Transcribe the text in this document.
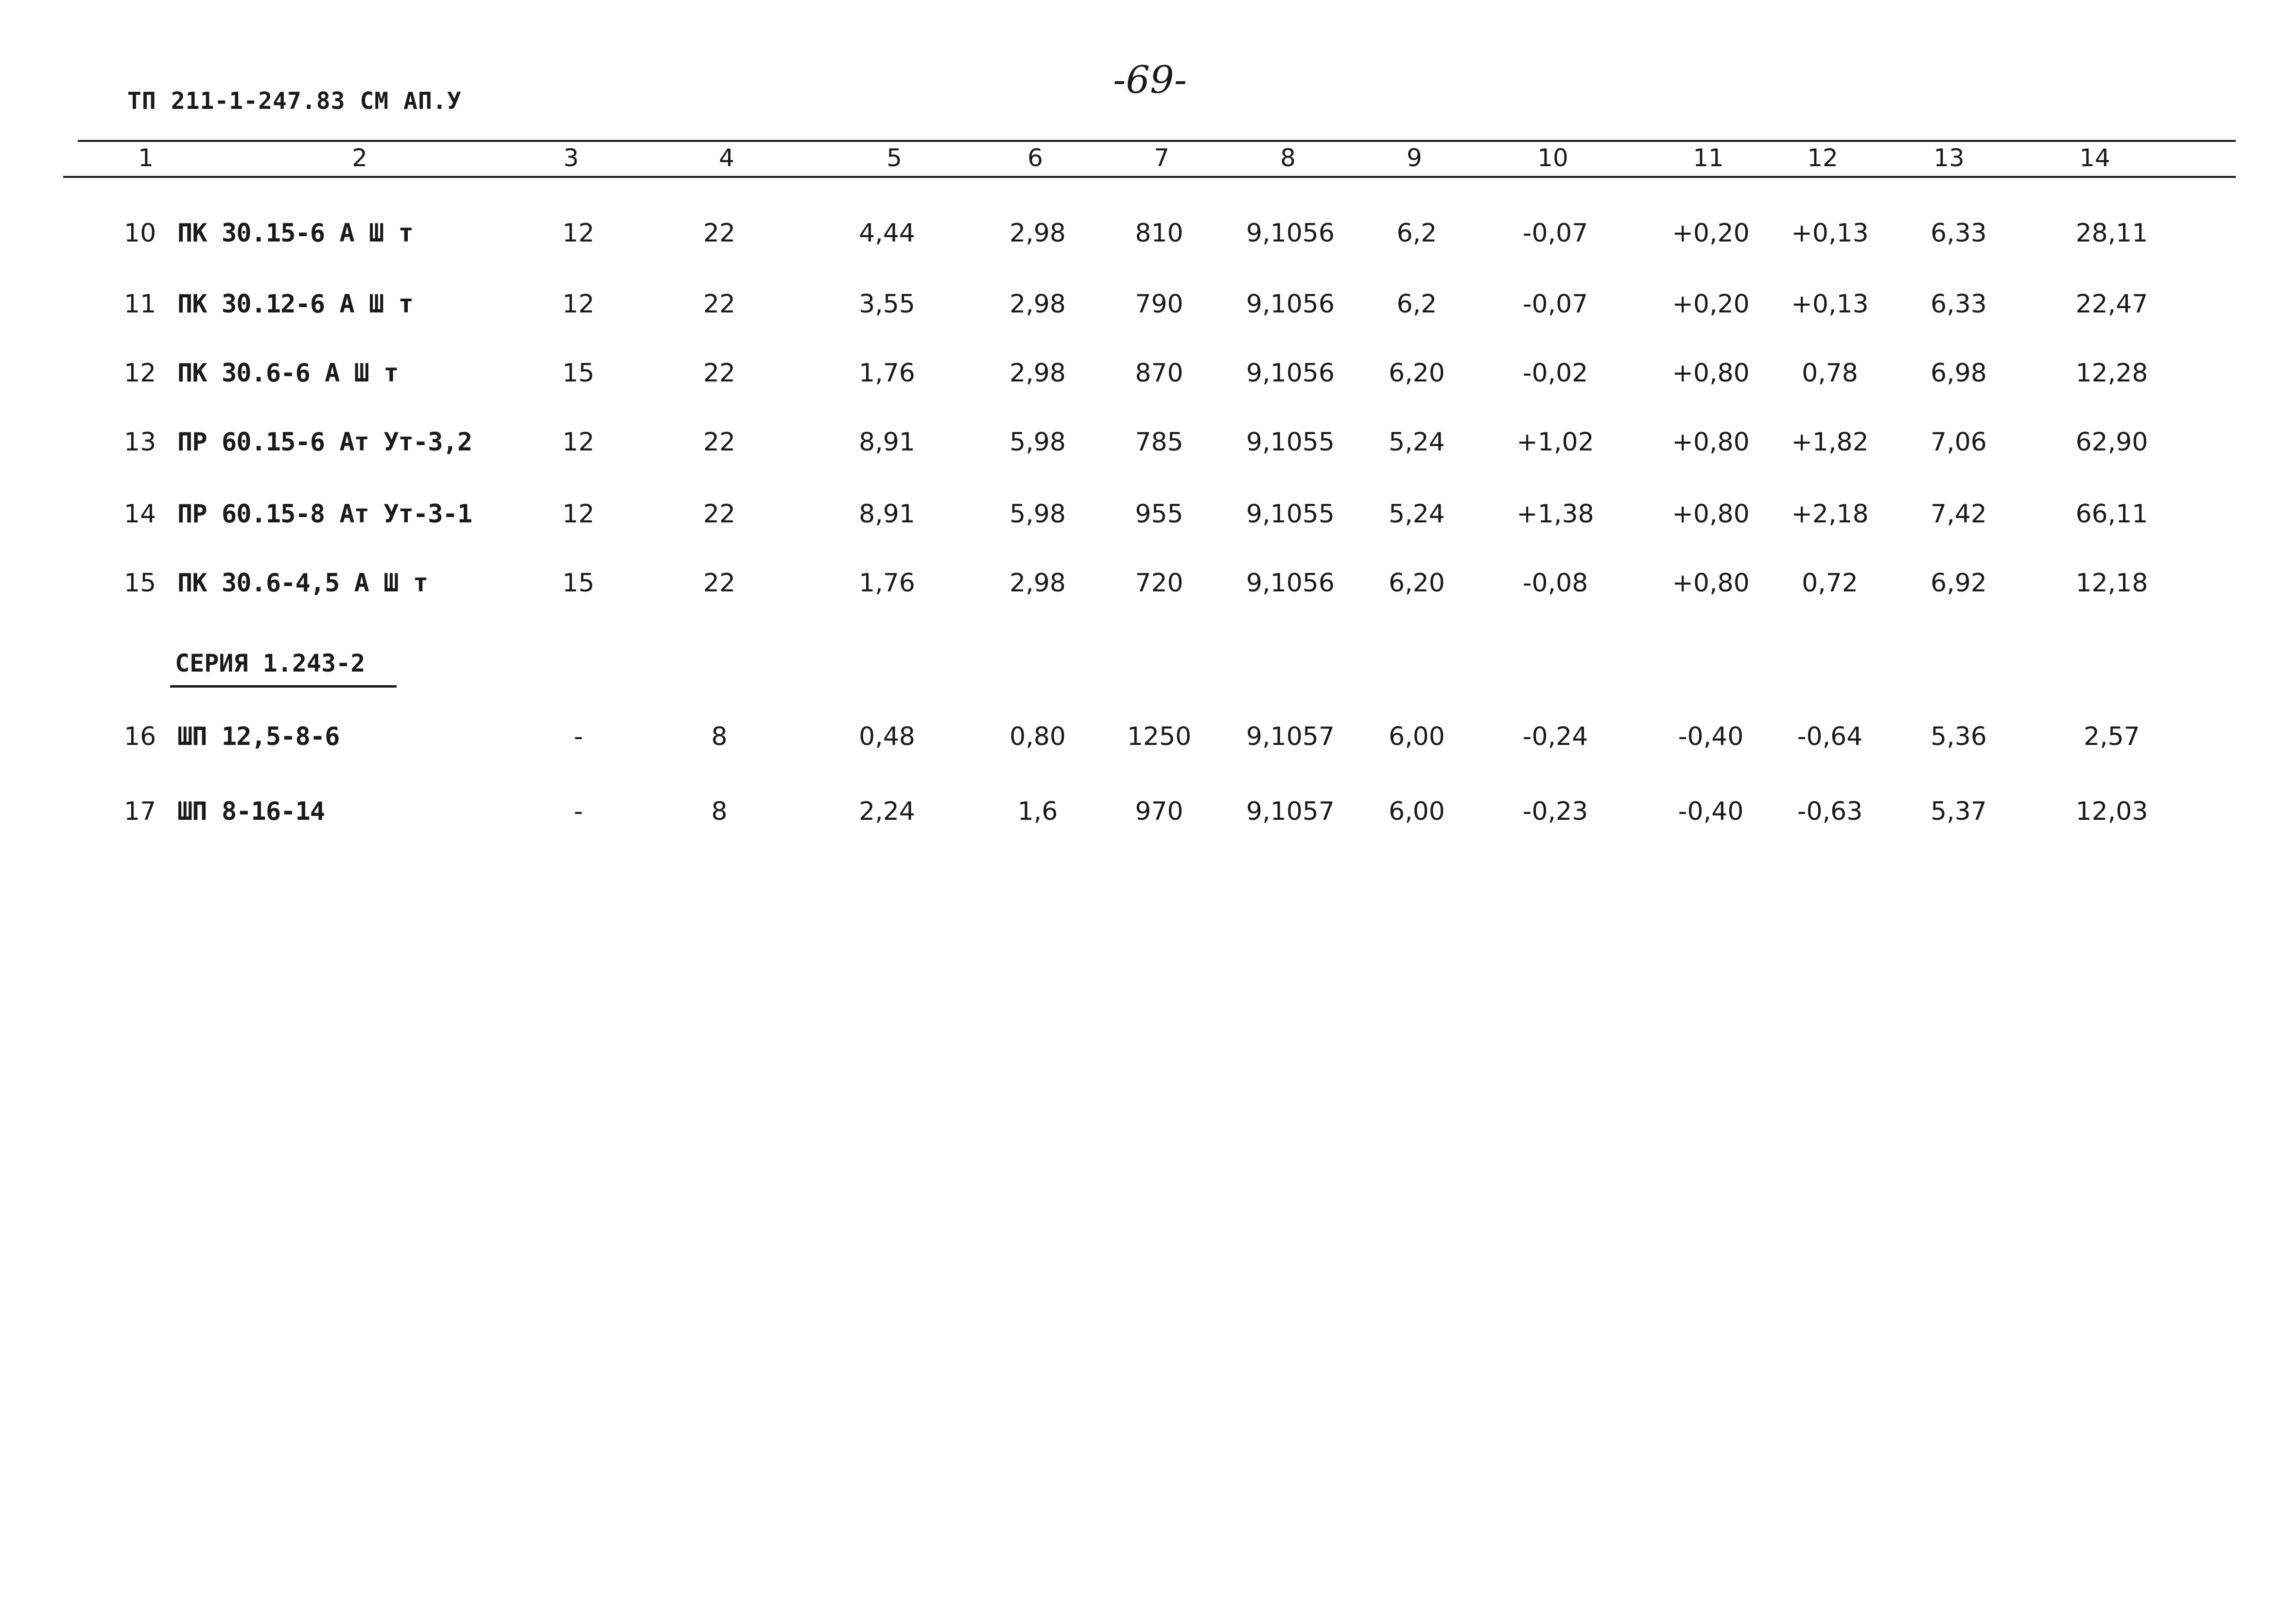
ТП 211-1-247.83 СМ АП.У	-69-
1	2	3	4	5	6	7	8	9	10	11	12	13	14
10 ПК 30.15-6 А Ш т	12	22	4,44	2,98	810 9,1056 6,2	-0,07	+0,20 +0,13 6,33	28,11
11 ПК 30.12-6 А Ш т	12	22	3,55	2,98	790 9,1056 6,2	-0,07	+0,20 +0,13 6,33	22,47
12 ПК 30.6-6 А Ш т	15	22	1,76	2,98	870 9,1056 6,20	-0,02	+0,80 0,78	6,98	12,28
13 ПР 60.15-6 Ат Ут-3,2	12	22	8,91	5,98	785 9,1055 5,24	+1,02	+0,80 +1,82 7,06	62,90
14 ПР 60.15-8 Ат Ут-3-1	12	22	8,91	5,98	955 9,1055 5,24	+1,38	+0,80 +2,18 7,42	66,11
15 ПК 30.6-4,5 А Ш т	15	22	1,76	2,98	720 9,1056 6,20	-0,08	+0,80 0,72	6,92	12,18
16 ШП 12,5-8-6	-	8	0,48	0,80 1250 9,1057 6,00	-0,24	-0,40 -0,64	5,36	2,57
17 ШП 8-16-14	-	8	2,24	1,6	970 9,1057 6,00	-0,23	-0,40 -0,63	5,37	12,03
СЕРИЯ 1.243-2
